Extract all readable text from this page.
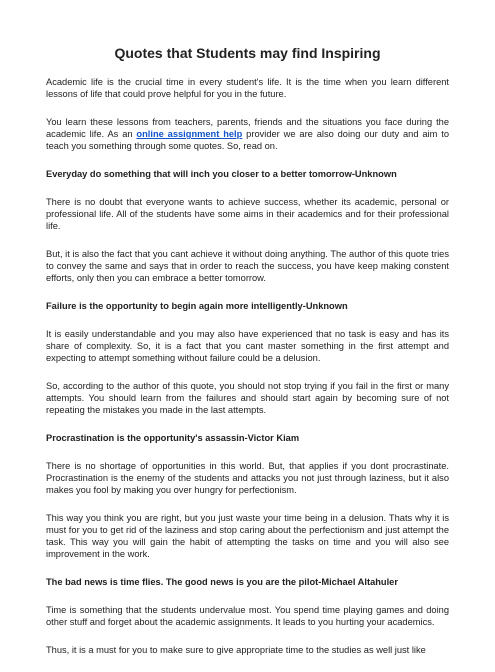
Quotes that Students may find Inspiring

Academic life is the crucial time in every student's life. It is the time when you learn different lessons of life that could prove helpful for you in the future.

You learn these lessons from teachers, parents, friends and the situations you face during the academic life. As an online assignment help provider we are also doing our duty and aim to teach you something through some quotes. So, read on.

Everyday do something that will inch you closer to a better tomorrow-Unknown

There is no doubt that everyone wants to achieve success, whether its academic, personal or professional life. All of the students have some aims in their academics and for their professional life.

But, it is also the fact that you cant achieve it without doing anything. The author of this quote tries to convey the same and says that in order to reach the success, you have keep making constent efforts, only then you can embrace a better tomorrow.

Failure is the opportunity to begin again more intelligently-Unknown

It is easily understandable and you may also have experienced that no task is easy and has its share of complexity. So, it is a fact that you cant master something in the first attempt and expecting to attempt something without failure could be a delusion.

So, according to the author of this quote, you should not stop trying if you fail in the first or many attempts. You should learn from the failures and should start again by becoming sure of not repeating the mistakes you made in the last attempts.

Procrastination is the opportunity's assassin-Victor Kiam

There is no shortage of opportunities in this world. But, that applies if you dont procrastinate. Procrastination is the enemy of the students and attacks you not just through laziness, but it also makes you fool by making you over hungry for perfectionism.

This way you think you are right, but you just waste your time being in a delusion. Thats why it is must for you to get rid of the laziness and stop caring about the perfectionism and just attempt the task. This way you will gain the habit of attempting the tasks on time and you will also see improvement in the work.

The bad news is time flies. The good news is you are the pilot-Michael Altahuler

Time is something that the students undervalue most. You spend time playing games and doing other stuff and forget about the academic assignments. It leads to you hurting your academics.

Thus, it is a must for you to make sure to give appropriate time to the studies as well just like
